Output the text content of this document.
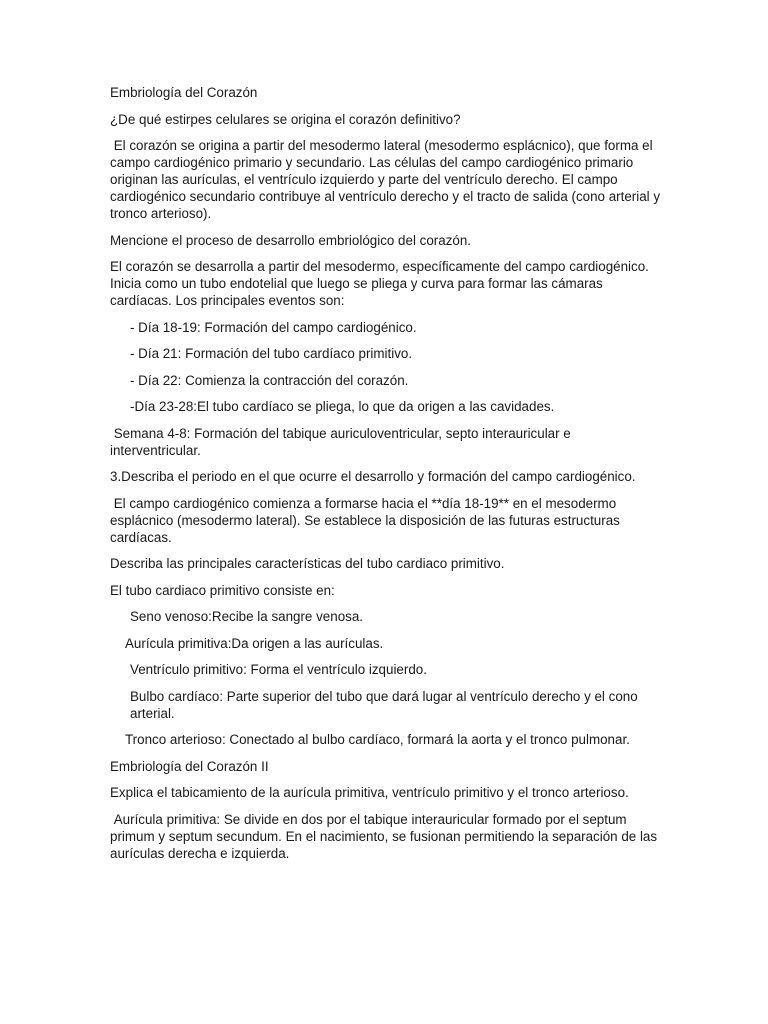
Embriología del Corazón

¿De qué estirpes celulares se origina el corazón definitivo?

El corazón se origina a partir del mesodermo lateral (mesodermo esplácnico), que forma el campo cardiogénico primario y secundario. Las células del campo cardiogénico primario originan las aurículas, el ventrículo izquierdo y parte del ventrículo derecho. El campo cardiogénico secundario contribuye al ventrículo derecho y el tracto de salida (cono arterial y tronco arterioso).

Mencione el proceso de desarrollo embriológico del corazón.

El corazón se desarrolla a partir del mesodermo, específicamente del campo cardiogénico. Inicia como un tubo endotelial que luego se pliega y curva para formar las cámaras cardíacas. Los principales eventos son:

- Día 18-19: Formación del campo cardiogénico.

- Día 21: Formación del tubo cardíaco primitivo.

- Día 22: Comienza la contracción del corazón.

-Día 23-28:El tubo cardíaco se pliega, lo que da origen a las cavidades.

Semana 4-8: Formación del tabique auriculoventricular, septo interauricular e interventricular.

3.Describa el periodo en el que ocurre el desarrollo y formación del campo cardiogénico.

El campo cardiogénico comienza a formarse hacia el **día 18-19** en el mesodermo esplácnico (mesodermo lateral). Se establece la disposición de las futuras estructuras cardíacas.

Describa las principales características del tubo cardiaco primitivo.

El tubo cardiaco primitivo consiste en:

Seno venoso:Recibe la sangre venosa.

Aurícula primitiva:Da origen a las aurículas.

Ventrículo primitivo: Forma el ventrículo izquierdo.

Bulbo cardíaco: Parte superior del tubo que dará lugar al ventrículo derecho y el cono arterial.

Tronco arterioso: Conectado al bulbo cardíaco, formará la aorta y el tronco pulmonar.

Embriología del Corazón II

Explica el tabicamiento de la aurícula primitiva, ventrículo primitivo y el tronco arterioso.

Aurícula primitiva: Se divide en dos por el tabique interauricular formado por el septum primum y septum secundum. En el nacimiento, se fusionan permitiendo la separación de las aurículas derecha e izquierda.
